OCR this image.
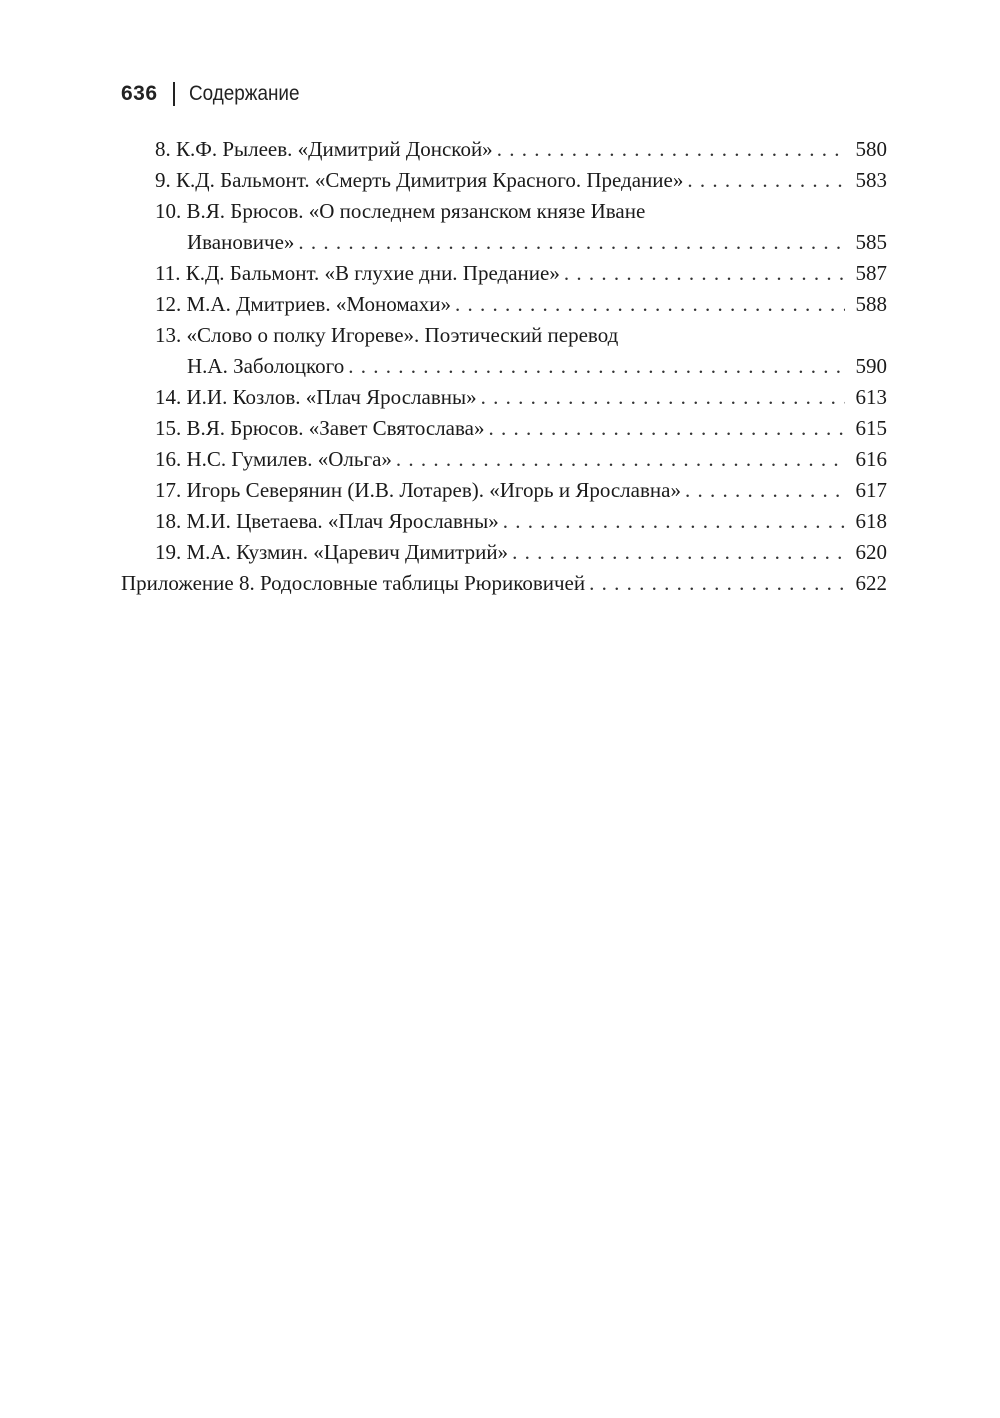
636 Содержание
8. К.Ф. Рылеев. «Димитрий Донской» . . .	580
9. К.Д. Бальмонт. «Смерть Димитрия Красного. Предание» . . .	583
10. В.Я. Брюсов. «О последнем рязанском князе Иване
Ивановиче» . . .	585
11. К.Д. Бальмонт. «В глухие дни. Предание» . . .	587
12. М.А. Дмитриев. «Мономахи» . . .	588
13. «Слово о полку Игореве». Поэтический перевод
Н.А. Заболоцкого . . .	590
14. И.И. Козлов. «Плач Ярославны» . . .	613
15. В.Я. Брюсов. «Завет Святослава» . . .	615
16. Н.С. Гумилев. «Ольга» . . .	616
17. Игорь Северянин (И.В. Лотарев). «Игорь и Ярославна» . . .	617
18. М.И. Цветаева. «Плач Ярославны» . . .	618
19. М.А. Кузмин. «Царевич Димитрий» . . .	620
Приложение 8. Родословные таблицы Рюриковичей . . .	622
